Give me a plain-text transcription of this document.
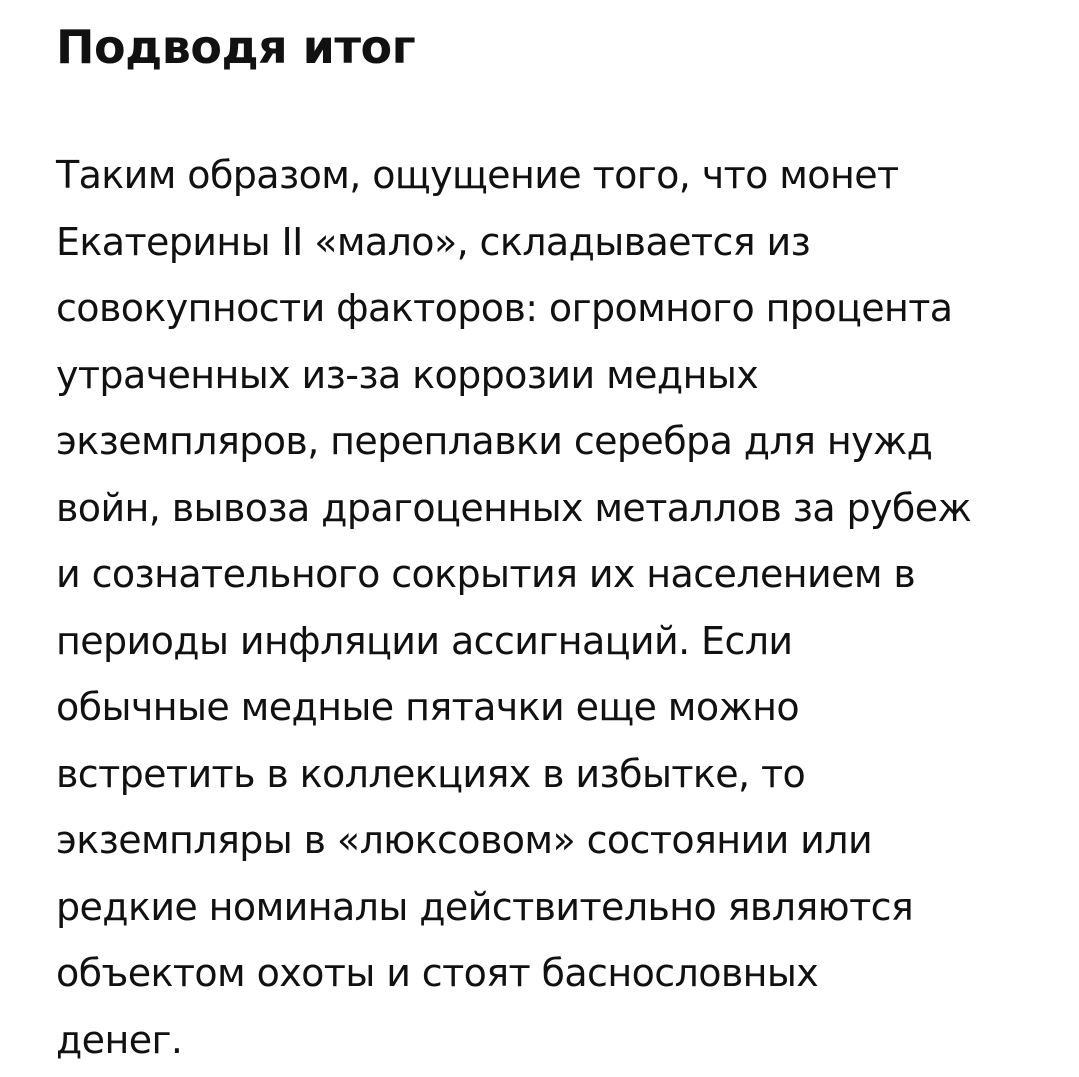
Подводя итог

Таким образом, ощущение того, что монет
Екатерины II «мало», складывается из
совокупности факторов: огромного процента
утраченных из-за коррозии медных
экземпляров, переплавки серебра для нужд
войн, вывоза драгоценных металлов за рубеж
и сознательного сокрытия их населением в
периоды инфляции ассигнаций. Если
обычные медные пятачки еще можно
встретить в коллекциях в избытке, то
экземпляры в «люксовом» состоянии или
редкие номиналы действительно являются
объектом охоты и стоят баснословных
денег.
